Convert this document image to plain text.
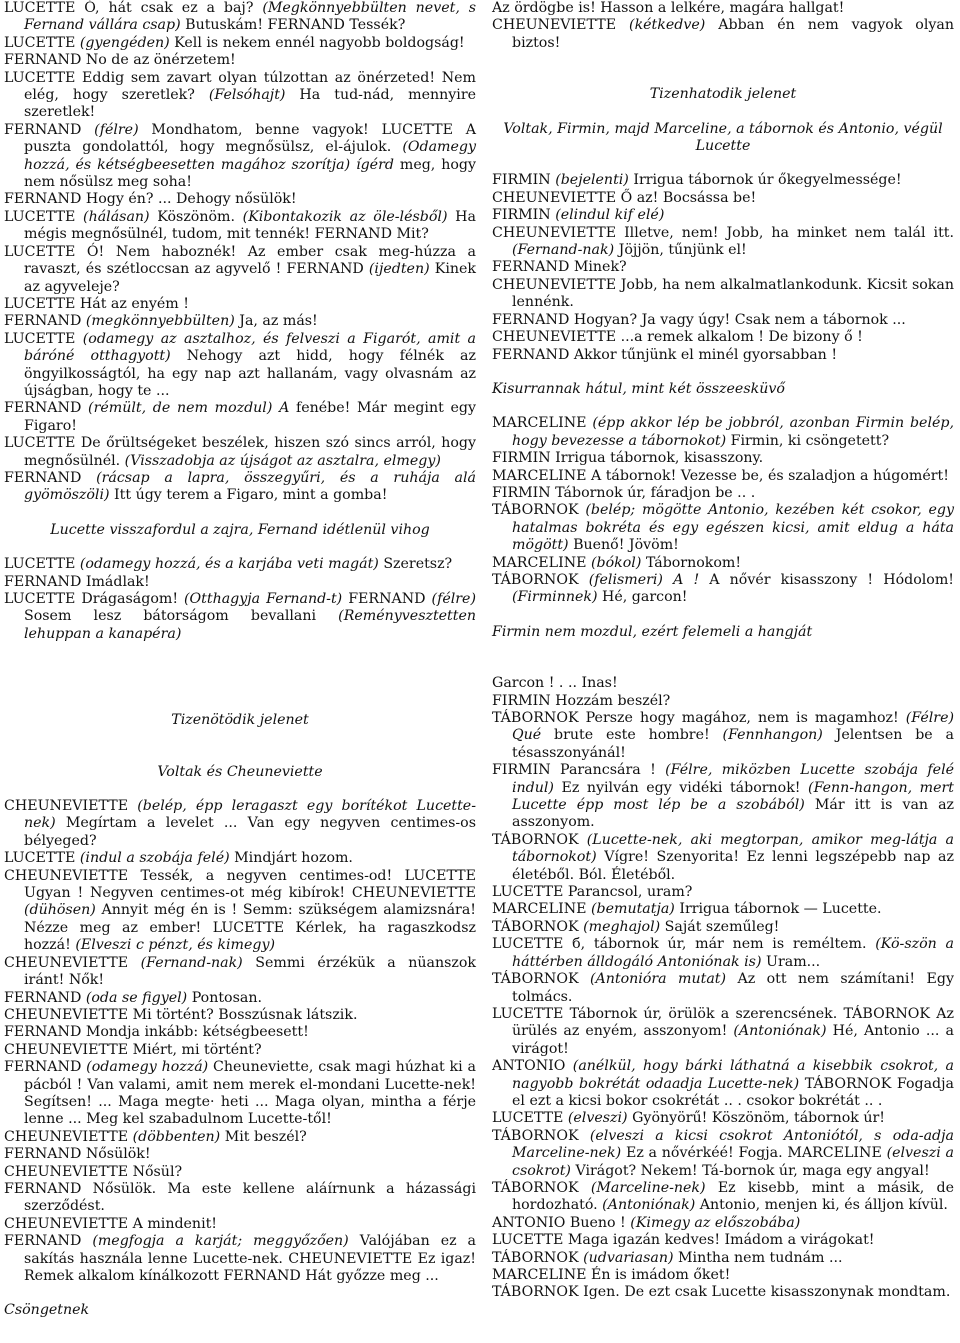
LUCETTE Ó, hát csak ez a baj? (Megkönnyebbülten nevet, s Fernand vállára csap) Butuskám! FERNAND Tessék?

LUCETTE (gyengéden) Kell is nekem ennél nagyobb boldogság!

FERNAND No de az önérzetem!

LUCETTE Eddig sem zavart olyan túlzottan az önérzeted! Nem elég, hogy szeretlek? (Felsóhajt) Ha tud-nád, mennyire szeretlek!

FERNAND (félre) Mondhatom, benne vagyok! LUCETTE A puszta gondolattól, hogy megnősülsz, el-ájulok. (Odamegy hozzá, és kétségbeesetten magához szorítja) ígérd meg, hogy nem nősülsz meg soha!

FERNAND Hogy én? ... Dehogy nősülök!

LUCETTE (hálásan) Köszönöm. (Kibontakozik az öle-lésből) Ha mégis megnősülnél, tudom, mit tennék! FERNAND Mit?

LUCETTE Ó! Nem haboznék! Az ember csak meg-húzza a ravaszt, és szétloccsan az agyvelő ! FERNAND (ijedten) Kinek az agyveleje?

LUCETTE Hát az enyém !

FERNAND (megkönnyebbülten) Ja, az más!

LUCETTE (odamegy az asztalhoz, és felveszi a Figarót, amit a báróné otthagyott) Nehogy azt hidd, hogy félnék az öngyilkosságtól, ha egy nap azt hallanám, vagy olvasnám az újságban, hogy te ...

FERNAND (rémült, de nem mozdul) A fenébe! Már megint egy Figaro!

LUCETTE De őrültségeket beszélek, hiszen szó sincs arról, hogy megnősülnél. (Visszadobja az újságot az asztalra, elmegy)

FERNAND (rácsap a lapra, összegyűri, és a ruhája alá gyömöszöli) Itt úgy terem a Figaro, mint a gomba!

Lucette visszafordul a zajra, Fernand idétlenül vihog

LUCETTE (odamegy hozzá, és a karjába veti magát) Szeretsz?

FERNAND Imádlak!

LUCETTE Drágaságom! (Otthagyja Fernand-t) FERNAND (félre) Sosem lesz bátorságom bevallani (Reményvesztetten lehuppan a kanapéra)

Tizenötödik jelenet

Voltak és Cheuneviette

CHEUNEVIETTE (belép, épp leragaszt egy borítékot Lucette-nek) Megírtam a levelet ... Van egy negyven centimes-os bélyeged?

LUCETTE (indul a szobája felé) Mindjárt hozom.

CHEUNEVIETTE Tessék, a negyven centimes-od! LUCETTE Ugyan ! Negyven centimes-ot még kibírok! CHEUNEVIETTE (dühösen) Annyit még én is ! Semm: szükségem alamizsnára! Nézze meg az ember! LUCETTE Kérlek, ha ragaszkodsz hozzá! (Elveszi c pénzt, és kimegy)

CHEUNEVIETTE (Fernand-nak) Semmi érzékük a nüanszok iránt! Nők!

FERNAND (oda se figyel) Pontosan.

CHEUNEVIETTE Mi történt? Bosszúsnak látszik.

FERNAND Mondja inkább: kétségbeesett!

CHEUNEVIETTE Miért, mi történt?

FERNAND (odamegy hozzá) Cheuneviette, csak magi húzhat ki a pácból ! Van valami, amit nem merek el-mondani Lucette-nek! Segítsen! ... Maga megte· heti ... Maga olyan, mintha a férje lenne ... Meg kel szabadulnom Lucette-től!

CHEUNEVIETTE (döbbenten) Mit beszél?

FERNAND Nősülök!

CHEUNEVIETTE Nősül?

FERNAND Nősülök. Ma este kellene aláírnunk a házassági szerződést.

CHEUNEVIETTE A mindenit!

FERNAND (megfogja a karját; meggyőzően) Valójában ez a sakítás használa lenne Lucette-nek. CHEUNEVIETTE Ez igaz! Remek alkalom kínálkozott FERNAND Hát győzze meg ...

Csöngetnek

Az ördögbe is! Hasson a lelkére, magára hallgat!

CHEUNEVIETTE (kétkedve) Abban én nem vagyok olyan biztos!

Tizenhatodik jelenet

Voltak, Firmin, majd Marceline, a tábornok és Antonio, végül Lucette

FIRMIN (bejelenti) Irrigua tábornok úr őkegyelmessége!

CHEUNEVIETTE Ő az! Bocsássa be!

FIRMIN (elindul kif elé)

CHEUNEVIETTE Illetve, nem! Jobb, ha minket nem talál itt. (Fernand-nak) Jöjjön, tűnjünk el!

FERNAND Minek?

CHEUNEVIETTE Jobb, ha nem alkalmatlankodunk. Kicsit sokan lennénk.

FERNAND Hogyan? Ja vagy úgy! Csak nem a tábornok ...

CHEUNEVIETTE ...a remek alkalom ! De bizony ő !

FERNAND Akkor tűnjünk el minél gyorsabban !

Kisurrannak hátul, mint két összeesküvő

MARCELINE (épp akkor lép be jobbról, azonban Firmin belép, hogy bevezesse a tábornokot) Firmin, ki csöngetett?

FIRMIN Irrigua tábornok, kisasszony.

MARCELINE A tábornok! Vezesse be, és szaladjon a húgomért!

FIRMIN Tábornok úr, fáradjon be .. .

TÁBORNOK (belép; mögötte Antonio, kezében két csokor, egy hatalmas bokréta és egy egészen kicsi, amit eldug a háta mögött) Buenő! Jövöm!

MARCELINE (bókol) Tábornokom!

TÁBORNOK (felismeri) A ! A nővér kisasszony ! Hódolom! (Firminnek) Hé, garcon!

Firmin nem mozdul, ezért felemeli a hangját

Garcon ! . .. Inas!

FIRMIN Hozzám beszél?

TÁBORNOK Persze hogy magához, nem is magamhoz! (Félre) Qué brute este hombre! (Fennhangon) Jelentsen be a tésasszonyánál!

FIRMIN Parancsára ! (Félre, miközben Lucette szobája felé indul) Ez nyilván egy vidéki tábornok! (Fenn-hangon, mert Lucette épp most lép be a szobából) Már itt is van az asszonyom.

TÁBORNOK (Lucette-nek, aki megtorpan, amikor meg-látja a tábornokot) Vígre! Szenyorita! Ez lenni legszépebb nap az életéből. Ból. Életéből.

LUCETTE Parancsol, uram?

MARCELINE (bemutatja) Irrigua tábornok — Lucette.

TÁBORNOK (meghajol) Saját szeműleg!

LUCETTE б, tábornok úr, már nem is reméltem. (Kö-szön a háttérben álldogáló Antoniónak is) Uram...

TÁBORNOK (Antonióra mutat) Az ott nem számítani! Egy tolmács.

LUCETTE Tábornok úr, örülök a szerencsének. TÁBORNOK Az ürülés az enyém, asszonyom! (Antoniónak) Hé, Antonio ... a virágot!

ANTONIO (anélkül, hogy bárki láthatná a kisebbik csokrot, a nagyobb bokrétát odaadja Lucette-nek) TÁBORNOK Fogadja el ezt a kicsi bokor csokrétát .. . csokor bokrétát .. .

LUCETTE (elveszi) Gyönyörű! Köszönöm, tábornok úr!

TÁBORNOK (elveszi a kicsi csokrot Antoniótól, s oda-adja Marceline-nek) Ez a nővérkéé! Fogja. MARCELINE (elveszi a csokrot) Virágot? Nekem! Tá-bornok úr, maga egy angyal!

TÁBORNOK (Marceline-nek) Ez kisebb, mint a másik, de hordozható. (Antoniónak) Antonio, menjen ki, és álljon kívül.

ANTONIO Bueno ! (Kimegy az előszobába)

LUCETTE Maga igazán kedves! Imádom a virágokat!

TÁBORNOK (udvariasan) Mintha nem tudnám ...

MARCELINE Én is imádom őket!

TÁBORNOK Igen. De ezt csak Lucette kisasszonynak mondtam.
